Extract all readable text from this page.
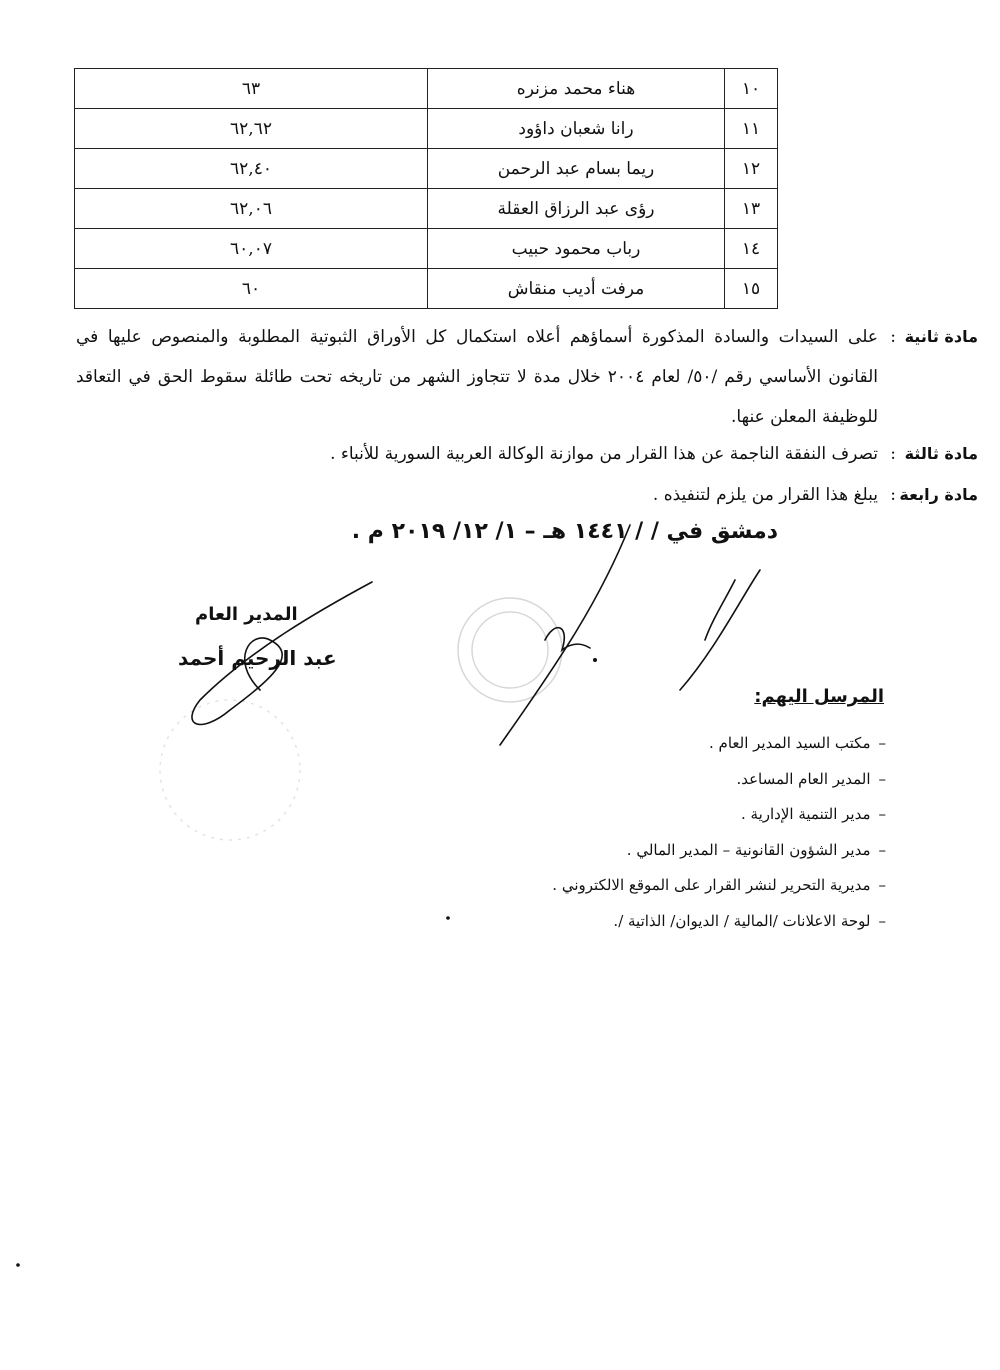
١٠	هناء محمد مزنره	٦٣
١١	رانا شعبان داؤود	٦٢,٦٢
١٢	ريما بسام عبد الرحمن	٦٢,٤٠
١٣	رؤى عبد الرزاق العقلة	٦٢,٠٦
١٤	رباب محمود حبيب	٦٠,٠٧
١٥	مرفت أديب منقاش	٦٠
مادة ثانية
:
على السيدات والسادة المذكورة أسماؤهم أعلاه استكمال كل الأوراق الثبوتية المطلوبة والمنصوص عليها في القانون الأساسي رقم /٥٠/ لعام ٢٠٠٤ خلال مدة لا تتجاوز الشهر من تاريخه تحت طائلة سقوط الحق في التعاقد للوظيفة المعلن عنها.
مادة ثالثة
:
تصرف النفقة الناجمة عن هذا القرار من موازنة الوكالة العربية السورية للأنباء .
مادة رابعة
:
يبلغ هذا القرار من يلزم لتنفيذه .
دمشق في / / ١٤٤١ هـ – ١/ ١٢/ ٢٠١٩ م .
المدير العام
عبد الرحيم أحمد
المرسل اليهم:
–مكتب السيد المدير العام .
–المدير العام المساعد.
–مدير التنمية الإدارية .
–مدير الشؤون القانونية – المدير المالي .
–مديرية التحرير لنشر القرار على الموقع الالكتروني .
–لوحة الاعلانات /المالية / الديوان/ الذاتية /.
